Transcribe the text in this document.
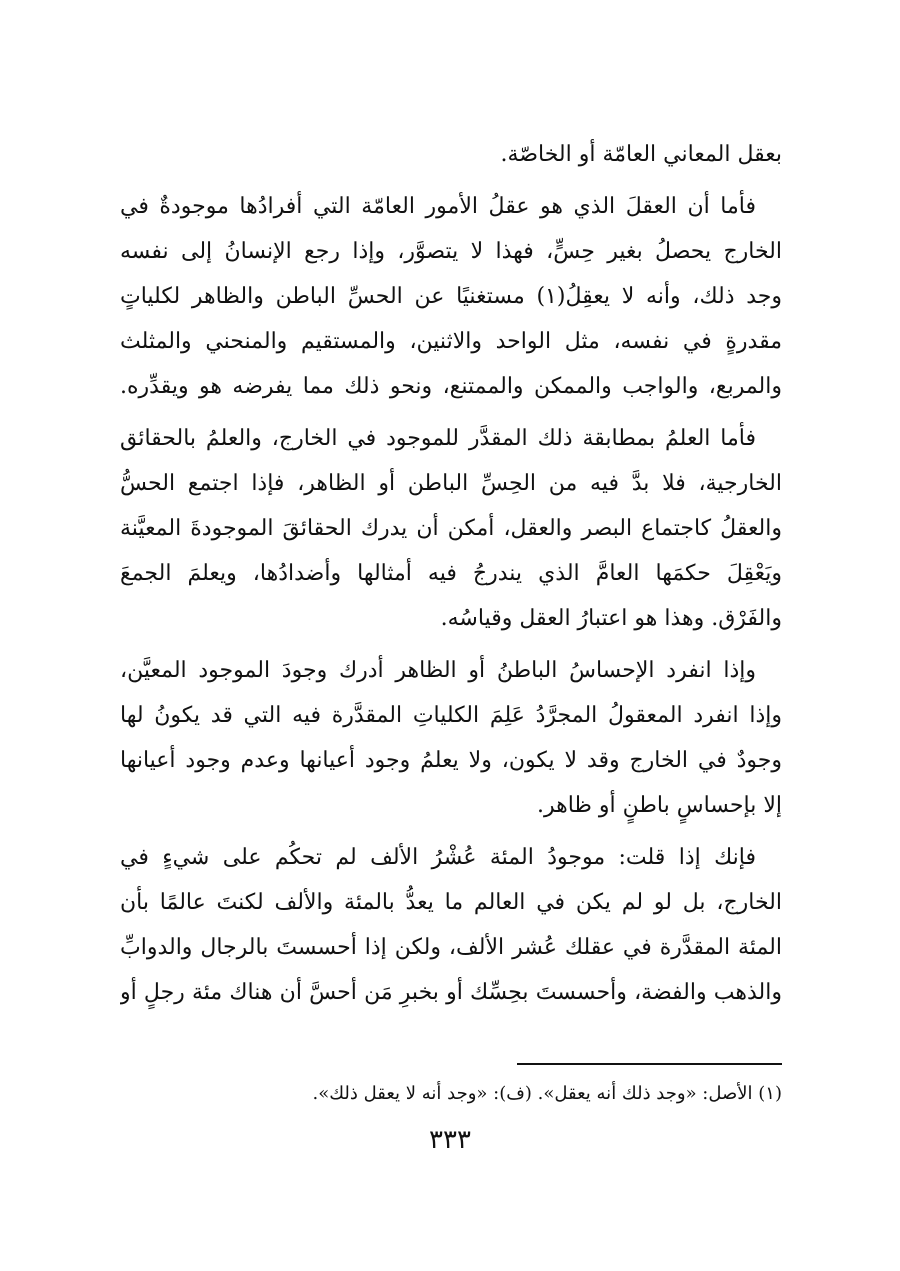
بعقل المعاني العامّة أو الخاصّة.
فأما أن العقلَ الذي هو عقلُ الأمور العامّة التي أفرادُها موجودةٌ في
الخارج يحصلُ بغير حِسٍّ، فهذا لا يتصوَّر، وإذا رجع الإنسانُ إلى نفسه
وجد ذلك، وأنه لا يعقِلُ(١) مستغنيًا عن الحسِّ الباطن والظاهر لكلياتٍ
مقدرةٍ في نفسه، مثل الواحد والاثنين، والمستقيم والمنحني والمثلث
والمربع، والواجب والممكن والممتنع، ونحو ذلك مما يفرضه هو ويقدِّره.
فأما العلمُ بمطابقة ذلك المقدَّر للموجود في الخارج، والعلمُ بالحقائق
الخارجية، فلا بدَّ فيه من الحِسِّ الباطن أو الظاهر، فإذا اجتمع الحسُّ
والعقلُ كاجتماع البصر والعقل، أمكن أن يدرك الحقائقَ الموجودةَ المعيَّنة
ويَعْقِلَ حكمَها العامَّ الذي يندرجُ فيه أمثالها وأضدادُها، ويعلمَ الجمعَ
والفَرْق. وهذا هو اعتبارُ العقل وقياسُه.
وإذا انفرد الإحساسُ الباطنُ أو الظاهر أدرك وجودَ الموجود المعيَّن،
وإذا انفرد المعقولُ المجرَّدُ عَلِمَ الكلياتِ المقدَّرة فيه التي قد يكونُ لها
وجودٌ في الخارج وقد لا يكون، ولا يعلمُ وجود أعيانها وعدم وجود أعيانها
إلا بإحساسٍ باطنٍ أو ظاهر.
فإنك إذا قلت: موجودُ المئة عُشْرُ الألف لم تحكُم على شيءٍ في
الخارج، بل لو لم يكن في العالم ما يعدُّ بالمئة والألف لكنتَ عالمًا بأن
المئة المقدَّرة في عقلك عُشر الألف، ولكن إذا أحسستَ بالرجال والدوابِّ
والذهب والفضة، وأحسستَ بحِسِّك أو بخبرِ مَن أحسَّ أن هناك مئة رجلٍ أو
(١) الأصل: «وجد ذلك أنه يعقل». (ف): «وجد أنه لا يعقل ذلك».
٣٣٣
